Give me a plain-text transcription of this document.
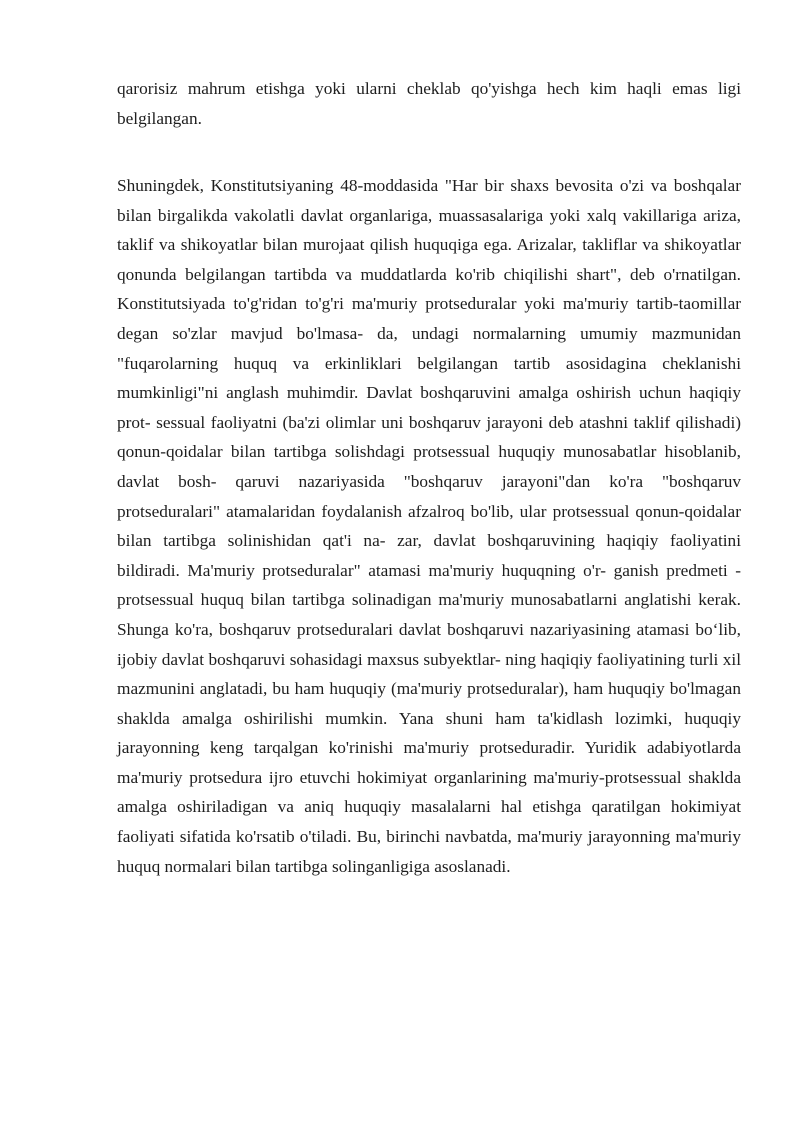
qarorisiz mahrum etishga yoki ularni cheklab qo'yishga hech kim haqli emas ligi belgilangan.

Shuningdek, Konstitutsiyaning 48-moddasida "Har bir shaxs bevosita o'zi va boshqalar bilan birgalikda vakolatli davlat organlariga, muassasalariga yoki xalq vakillariga ariza, taklif va shikoyatlar bilan murojaat qilish huquqiga ega. Arizalar, takliflar va shikoyatlar qonunda belgilangan tartibda va muddatlarda ko'rib chiqilishi shart", deb o'rnatilgan. Konstitutsiyada to'g'ridan to'g'ri ma'muriy protseduralar yoki ma'muriy tartib-taomillar degan so'zlar mavjud bo'lmasa- da, undagi normalarning umumiy mazmunidan "fuqarolarning huquq va erkinliklari belgilangan tartib asosidagina cheklanishi mumkinligi"ni anglash muhimdir. Davlat boshqaruvini amalga oshirish uchun haqiqiy prot- sessual faoliyatni (ba'zi olimlar uni boshqaruv jarayoni deb atashni taklif qilishadi) qonun-qoidalar bilan tartibga solishdagi protsessual huquqiy munosabatlar hisoblanib, davlat bosh- qaruvi nazariyasida "boshqaruv jarayoni"dan ko'ra "boshqaruv protseduralari" atamalaridan foydalanish afzalroq bo'lib, ular protsessual qonun-qoidalar bilan tartibga solinishidan qat'i na- zar, davlat boshqaruvining haqiqiy faoliyatini bildiradi. Ma'muriy protseduralar" atamasi ma'muriy huquqning o'r- ganish predmeti - protsessual huquq bilan tartibga solinadigan ma'muriy munosabatlarni anglatishi kerak. Shunga ko'ra, boshqaruv protseduralari davlat boshqaruvi nazariyasining atamasi bo‘lib, ijobiy davlat boshqaruvi sohasidagi maxsus subyektlar- ning haqiqiy faoliyatining turli xil mazmunini anglatadi, bu ham huquqiy (ma'muriy protseduralar), ham huquqiy bo'lmagan shaklda amalga oshirilishi mumkin. Yana shuni ham ta'kidlash lozimki, huquqiy jarayonning keng tarqalgan ko'rinishi ma'muriy protseduradir. Yuridik adabiyotlarda ma'muriy protsedura ijro etuvchi hokimiyat organlarining ma'muriy-protsessual shaklda amalga oshiriladigan va aniq huquqiy masalalarni hal etishga qaratilgan hokimiyat faoliyati sifatida ko'rsatib o'tiladi. Bu, birinchi navbatda, ma'muriy jarayonning ma'muriy huquq normalari bilan tartibga solinganligiga asoslanadi.
